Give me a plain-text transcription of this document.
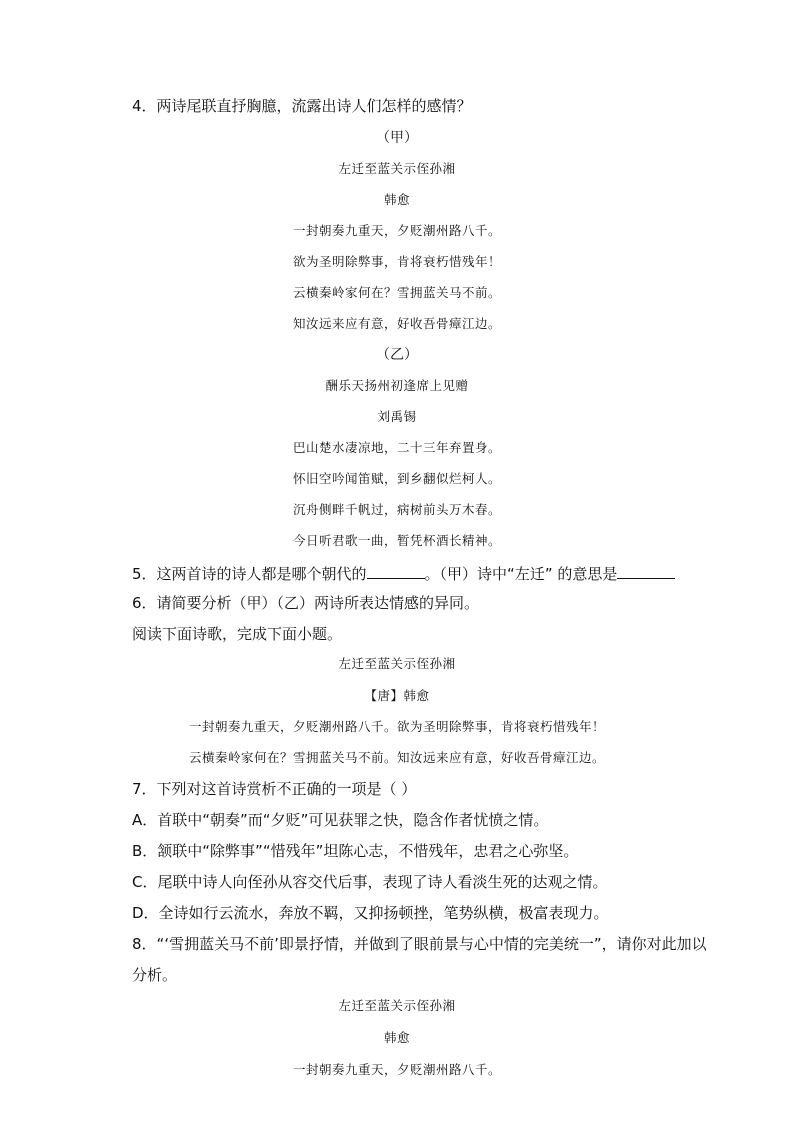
4．两诗尾联直抒胸臆，流露出诗人们怎样的感情？
（甲）
左迁至蓝关示侄孙湘
韩愈
一封朝奏九重天，夕贬潮州路八千。
欲为圣明除弊事，肯将衰朽惜残年！
云横秦岭家何在？雪拥蓝关马不前。
知汝远来应有意，好收吾骨瘴江边。
（乙）
酬乐天扬州初逢席上见赠
刘禹锡
巴山楚水凄凉地，二十三年弃置身。
怀旧空吟闻笛赋，到乡翻似烂柯人。
沉舟侧畔千帆过，病树前头万木春。
今日听君歌一曲，暂凭杯酒长精神。
5．这两首诗的诗人都是哪个朝代的	。（甲）诗中“左迁” 的意思是
6．请简要分析（甲）（乙）两诗所表达情感的异同。
阅读下面诗歌，完成下面小题。
左迁至蓝关示侄孙湘
【唐】韩愈
一封朝奏九重天，夕贬潮州路八千。欲为圣明除弊事，肯将衰朽惜残年！
云横秦岭家何在？雪拥蓝关马不前。知汝远来应有意，好收吾骨瘴江边。
7．下列对这首诗赏析不正确的一项是（ ）
A．首联中“朝奏”而“夕贬”可见获罪之快，隐含作者忧愤之情。
B．颔联中“除弊事”“惜残年”坦陈心志，不惜残年，忠君之心弥坚。
C．尾联中诗人向侄孙从容交代后事，表现了诗人看淡生死的达观之情。
D．全诗如行云流水，奔放不羁，又抑扬顿挫，笔势纵横，极富表现力。
8．“‘雪拥蓝关马不前’即景抒情，并做到了眼前景与心中情的完美统一”，请你对此加以
分析。
左迁至蓝关示侄孙湘
韩愈
一封朝奏九重天，夕贬潮州路八千。
